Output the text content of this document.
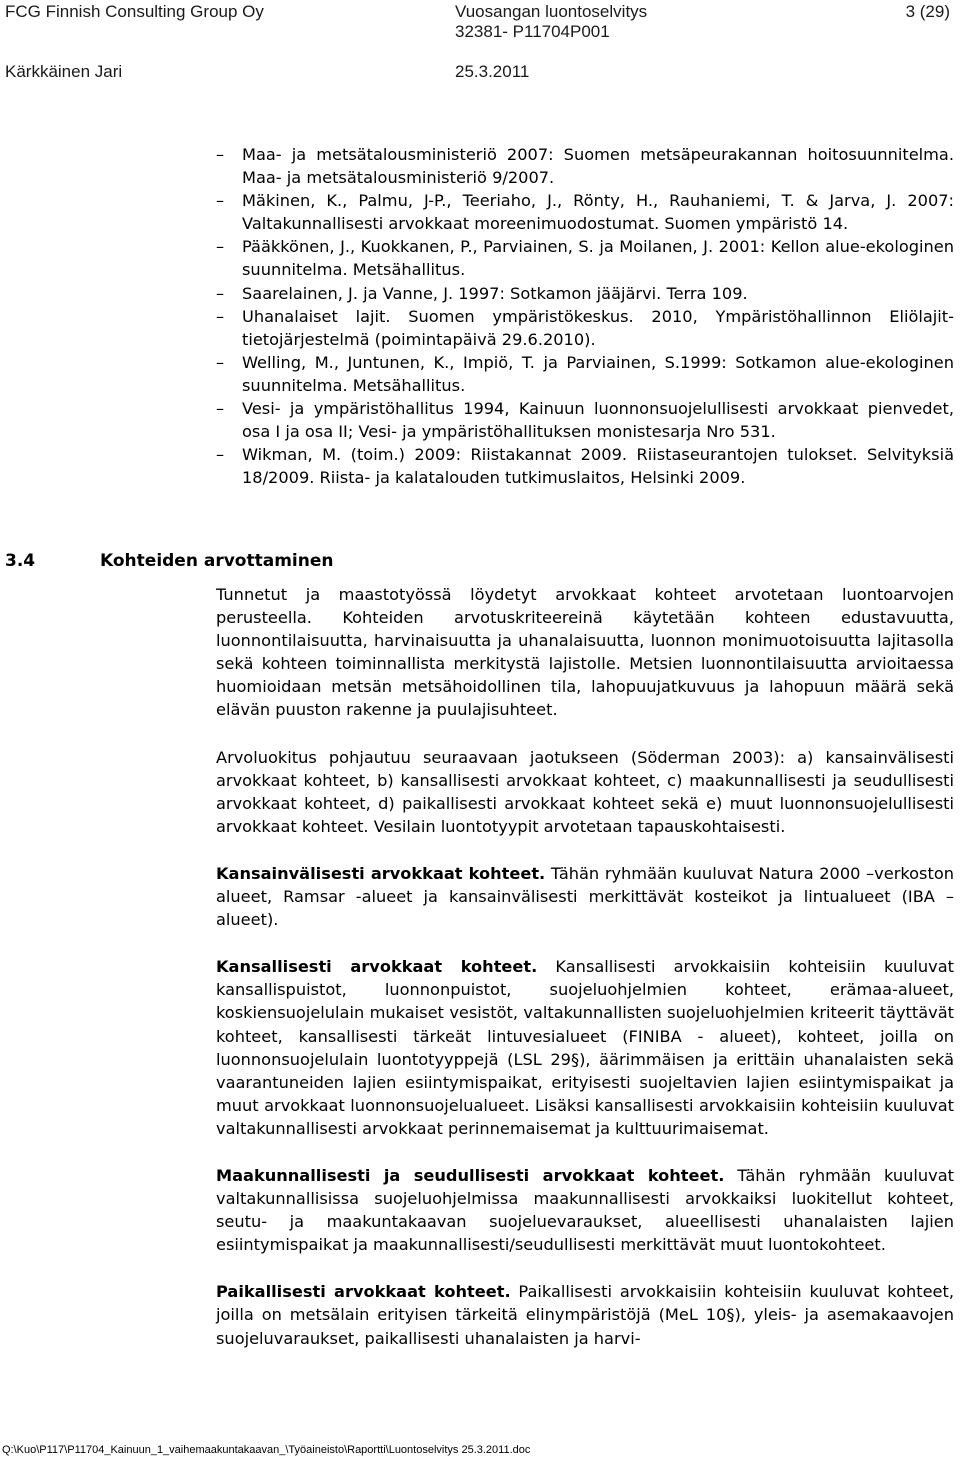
FCG Finnish Consulting Group Oy	Vuosangan luontoselvitys	3 (29)
32381- P11704P001
Kärkkäinen Jari	25.3.2011
– Maa- ja metsätalousministeriö 2007: Suomen metsäpeurakannan hoitosuunnitelma. Maa- ja metsätalousministeriö 9/2007.
– Mäkinen, K., Palmu, J-P., Teeriaho, J., Rönty, H., Rauhaniemi, T. & Jarva, J. 2007: Valtakunnallisesti arvokkaat moreenimuodostumat. Suomen ympäristö 14.
– Pääkkönen, J., Kuokkanen, P., Parviainen, S. ja Moilanen, J. 2001: Kellon alue-ekologinen suunnitelma. Metsähallitus.
– Saarelainen, J. ja Vanne, J. 1997: Sotkamon jääjärvi. Terra 109.
– Uhanalaiset lajit. Suomen ympäristökeskus. 2010, Ympäristöhallinnon Eliölajit-tietojärjestelmä (poimintapäivä 29.6.2010).
– Welling, M., Juntunen, K., Impiö, T. ja Parviainen, S.1999: Sotkamon alue-ekologinen suunnitelma. Metsähallitus.
– Vesi- ja ympäristöhallitus 1994, Kainuun luonnonsuojelullisesti arvokkaat pienvedet, osa I ja osa II; Vesi- ja ympäristöhallituksen monistesarja Nro 531.
– Wikman, M. (toim.) 2009: Riistakannat 2009. Riistaseurantojen tulokset. Selvityksiä 18/2009. Riista- ja kalatalouden tutkimuslaitos, Helsinki 2009.
3.4	Kohteiden arvottaminen

Tunnetut ja maastotyössä löydetyt arvokkaat kohteet arvotetaan luontoarvojen perusteella. Kohteiden arvotuskriteereinä käytetään kohteen edustavuutta, luonnontilaisuutta, harvinaisuutta ja uhanalaisuutta, luonnon monimuotoisuutta lajitasolla sekä kohteen toiminnallista merkitystä lajistolle. Metsien luonnontilaisuutta arvioitaessa huomioidaan metsän metsähoidollinen tila, lahopuujatkuvuus ja lahopuun määrä sekä elävän puuston rakenne ja puulajisuhteet.

Arvoluokitus pohjautuu seuraavaan jaotukseen (Söderman 2003): a) kansainvälisesti arvokkaat kohteet, b) kansallisesti arvokkaat kohteet, c) maakunnallisesti ja seudullisesti arvokkaat kohteet, d) paikallisesti arvokkaat kohteet sekä e) muut luonnonsuojelullisesti arvokkaat kohteet. Vesilain luontotyypit arvotetaan tapauskohtaisesti.

Kansainvälisesti arvokkaat kohteet. Tähän ryhmään kuuluvat Natura 2000 –verkoston alueet, Ramsar -alueet ja kansainvälisesti merkittävät kosteikot ja lintualueet (IBA –alueet).

Kansallisesti arvokkaat kohteet. Kansallisesti arvokkaisiin kohteisiin kuuluvat kansallispuistot, luonnonpuistot, suojeluohjelmien kohteet, erämaa-alueet, koskiensuojelulain mukaiset vesistöt, valtakunnallisten suojeluohjelmien kriteerit täyttävät kohteet, kansallisesti tärkeät lintuvesialueet (FINIBA - alueet), kohteet, joilla on luonnonsuojelulain luontotyyppejä (LSL 29§), äärimmäisen ja erittäin uhanalaisten sekä vaarantuneiden lajien esiintymispaikat, erityisesti suojeltavien lajien esiintymispaikat ja muut arvokkaat luonnonsuojelualueet. Lisäksi kansallisesti arvokkaisiin kohteisiin kuuluvat valtakunnallisesti arvokkaat perinnemaisemat ja kulttuurimaisemat.

Maakunnallisesti ja seudullisesti arvokkaat kohteet. Tähän ryhmään kuuluvat valtakunnallisissa suojeluohjelmissa maakunnallisesti arvokkaiksi luokitellut kohteet, seutu- ja maakuntakaavan suojeluevaraukset, alueellisesti uhanalaisten lajien esiintymispaikat ja maakunnallisesti/seudullisesti merkittävät muut luontokohteet.

Paikallisesti arvokkaat kohteet. Paikallisesti arvokkaisiin kohteisiin kuuluvat kohteet, joilla on metsälain erityisen tärkeitä elinympäristöjä (MeL 10§), yleis- ja asemakaavojen suojeluvaraukset, paikallisesti uhanalaisten ja harvi-

Q:\Kuo\P117\P11704_Kainuun_1_vaihemaakuntakaavan_\Työaineisto\Raportti\Luontoselvitys 25.3.2011.doc
